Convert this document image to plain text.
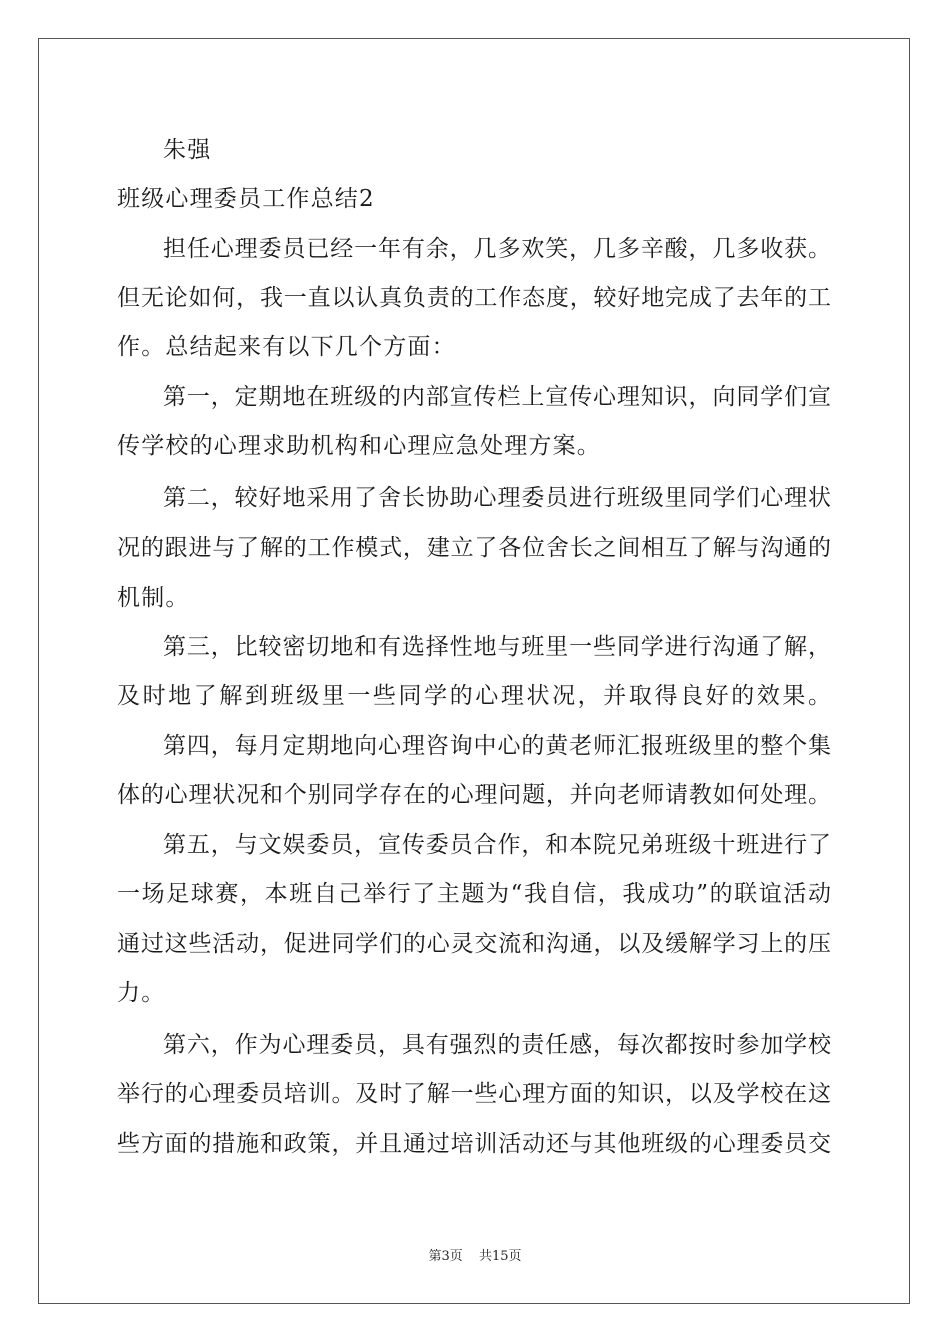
朱强
班级心理委员工作总结2
担任心理委员已经一年有余，几多欢笑，几多辛酸，几多收获。
但无论如何，我一直以认真负责的工作态度，较好地完成了去年的工
作。总结起来有以下几个方面：
第一，定期地在班级的内部宣传栏上宣传心理知识，向同学们宣
传学校的心理求助机构和心理应急处理方案。
第二，较好地采用了舍长协助心理委员进行班级里同学们心理状
况的跟进与了解的工作模式，建立了各位舍长之间相互了解与沟通的
机制。
第三，比较密切地和有选择性地与班里一些同学进行沟通了解，
及时地了解到班级里一些同学的心理状况，并取得良好的效果。
第四，每月定期地向心理咨询中心的黄老师汇报班级里的整个集
体的心理状况和个别同学存在的心理问题，并向老师请教如何处理。
第五，与文娱委员，宣传委员合作，和本院兄弟班级十班进行了
一场足球赛，本班自己举行了主题为“我自信，我成功”的联谊活动
通过这些活动，促进同学们的心灵交流和沟通，以及缓解学习上的压
力。
第六，作为心理委员，具有强烈的责任感，每次都按时参加学校
举行的心理委员培训。及时了解一些心理方面的知识，以及学校在这
些方面的措施和政策，并且通过培训活动还与其他班级的心理委员交
第3页 共15页
